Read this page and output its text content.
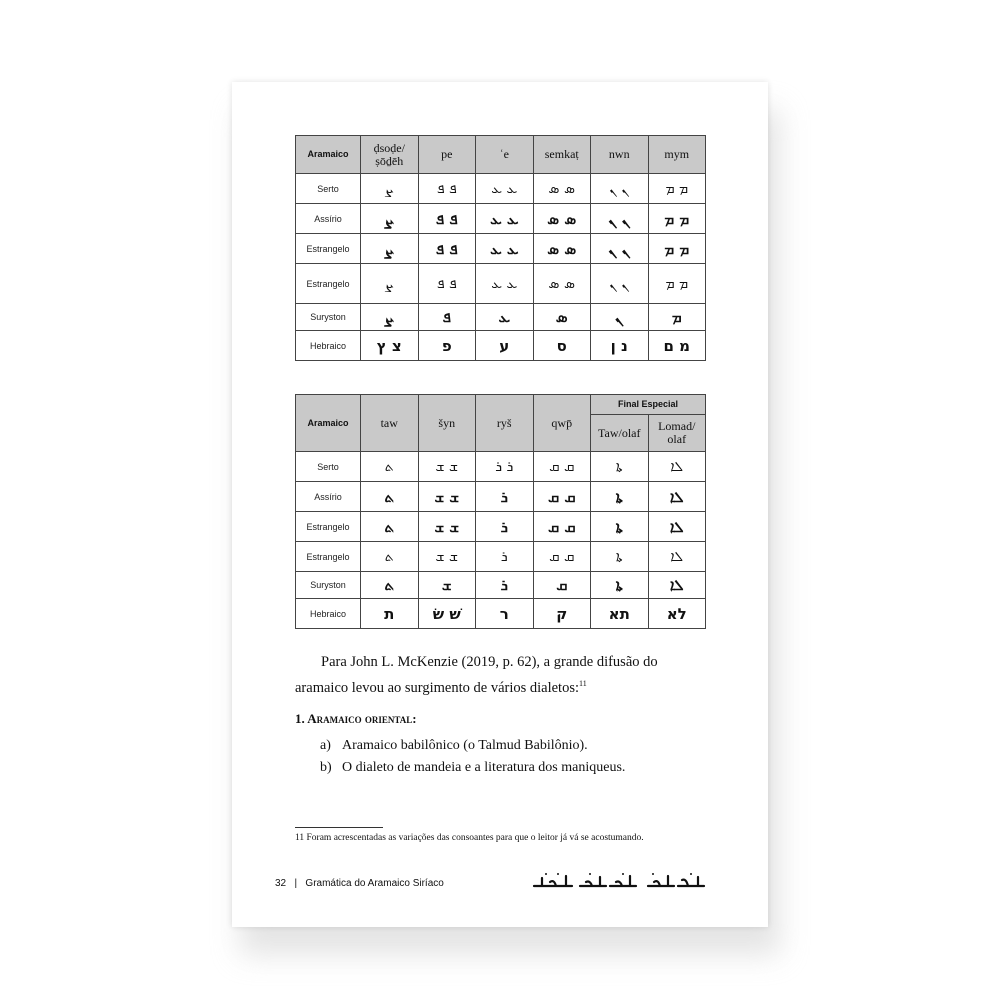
Aramaico	ḍsoḍe/ ṣōḏēh	pe	ʿe	semkaṭ	nwn	mym
Serto	ܨ	ܦ ܦ	ܥ ܥ	ܣ ܣ	ܢ ܢ	ܡ ܡ
Assírio	ܨ	ܦ ܦ	ܥ ܥ	ܣ ܣ	ܢ ܢ	ܡ ܡ
Estrangelo	ܨ	ܦ ܦ	ܥ ܥ	ܣ ܣ	ܢ ܢ	ܡ ܡ
Estrangelo	ܨ	ܦ ܦ	ܥ ܥ	ܣ ܣ	ܢ ܢ	ܡ ܡ
Suryston	ܨ	ܦ	ܥ	ܣ	ܢ	ܡ
Hebraico	צ ץ	פ	ע	ס	נ ן	מ ם
Aramaico	taw	šyn	ryš	qwp̄	Final Especial	
					Taw/olaf	Lomad/ olaf
Serto	ܬ	ܫ ܫ	ܪ ܪ	ܩ ܩ	ܬܐ	ܠܐ
Assírio	ܬ	ܫ ܫ	ܪ	ܩ ܩ	ܬܐ	ܠܐ
Estrangelo	ܬ	ܫ ܫ	ܪ	ܩ ܩ	ܬܐ	ܠܐ
Estrangelo	ܬ	ܫ ܫ	ܪ	ܩ ܩ	ܬܐ	ܠܐ
Suryston	ܬ	ܫ	ܪ	ܩ	ܬܐ	ܠܐ
Hebraico	ת	שׁ שׂ	ר	ק	תא	לא
Para John L. McKenzie (2019, p. 62), a grande difusão do aramaico levou ao surgimento de vários dialetos:$^{11}$
1. Aramaico oriental:
a) Aramaico babilônico (o Talmud Babilônio).
b) O dialeto de mandeia e a literatura dos maniqueus.
11 Foram acrescentadas as variações das consoantes para que o leitor já vá se acostumando.
32 | Gramática do Aramaico Siríaco
